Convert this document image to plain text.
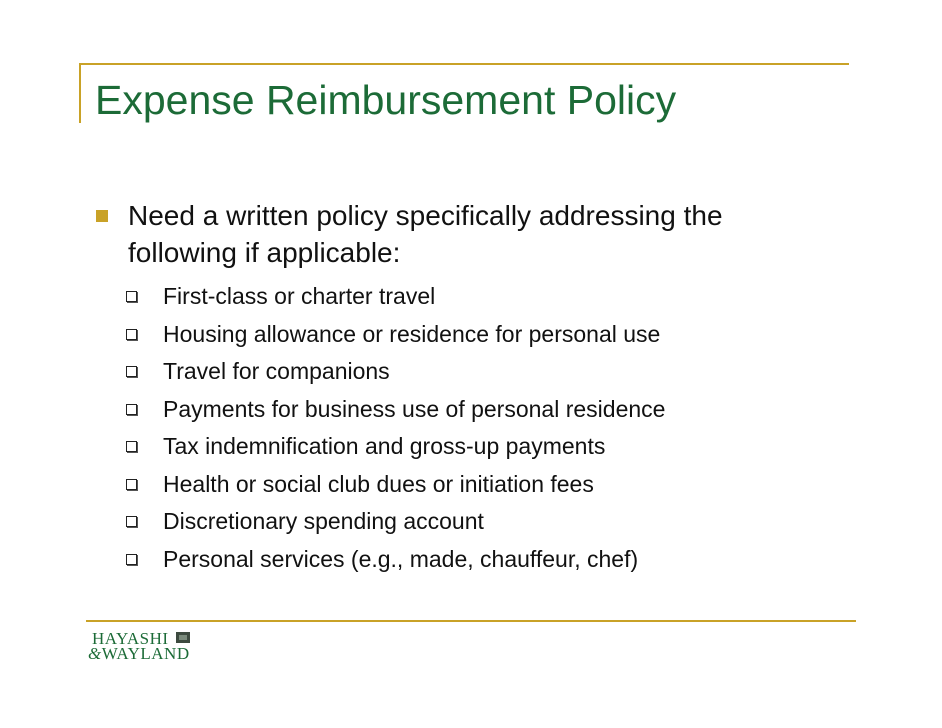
Expense Reimbursement Policy

Need a written policy specifically addressing the following if applicable:

First-class or charter travel
Housing allowance or residence for personal use
Travel for companions
Payments for business use of personal residence
Tax indemnification and gross-up payments
Health or social club dues or initiation fees
Discretionary spending account
Personal services (e.g., made, chauffeur, chef)
HAYASHI
&WAYLAND
